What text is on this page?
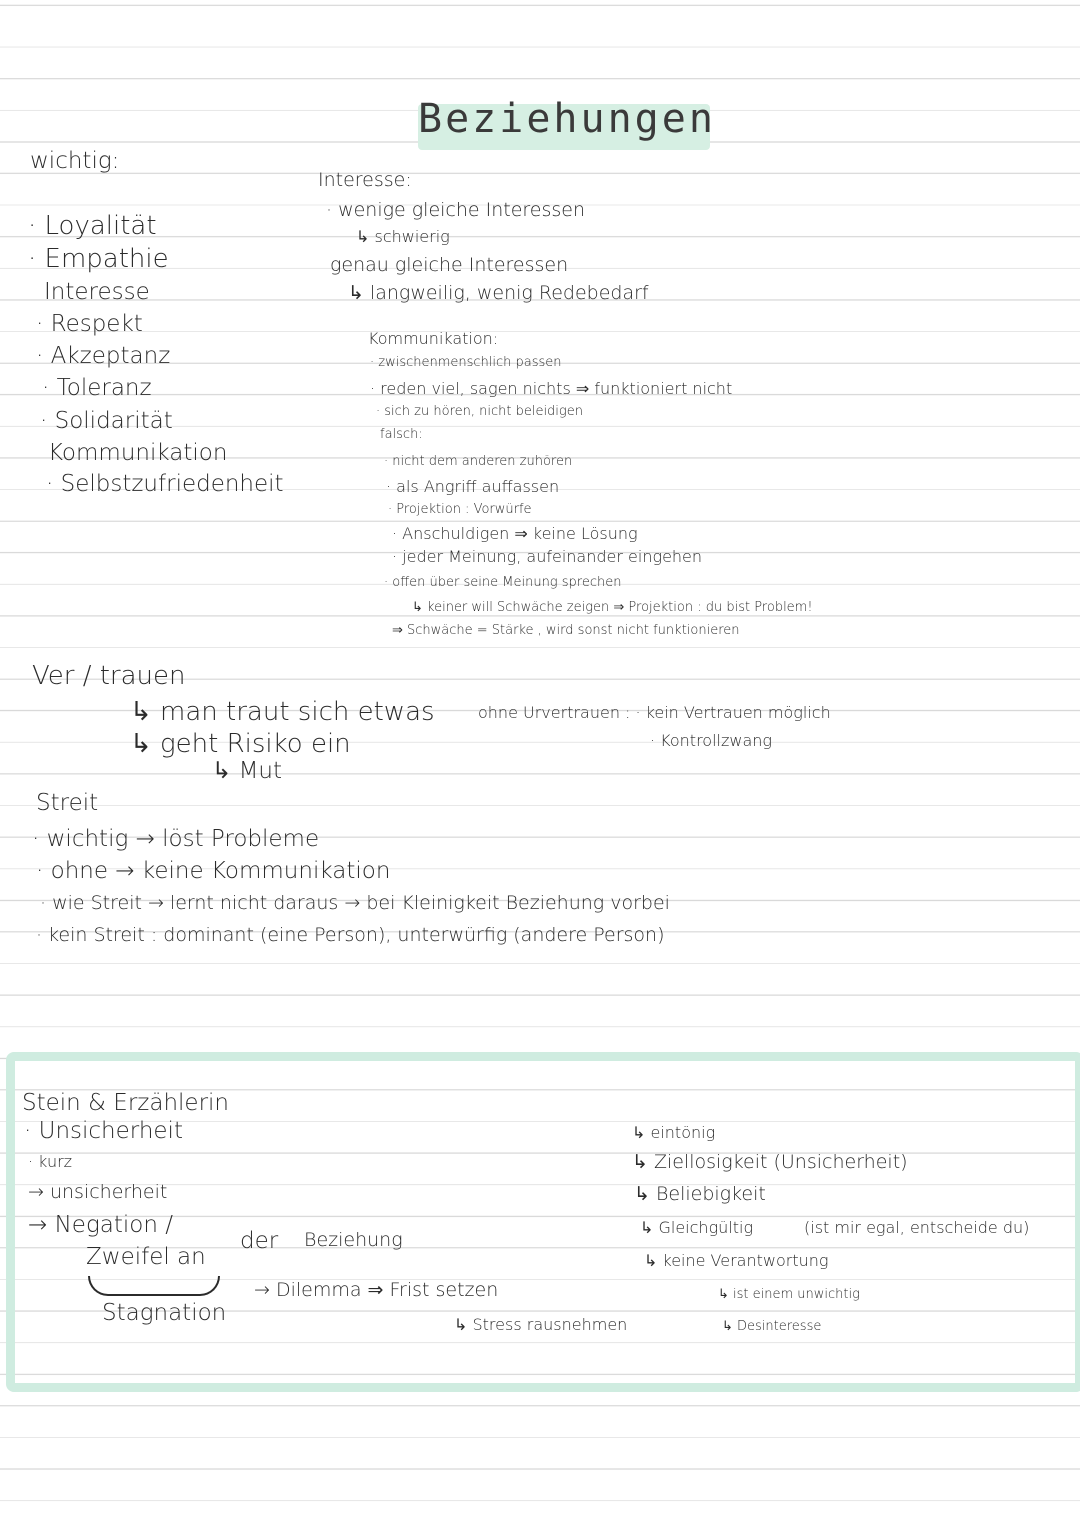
Beziehungen
wichtig:
· Loyalität
· Empathie
Interesse
· Respekt
· Akzeptanz
· Toleranz
· Solidarität
Kommunikation
· Selbstzufriedenheit
Interesse:
· wenige gleiche Interessen
↳ schwierig
genau gleiche Interessen
↳ langweilig, wenig Redebedarf
Kommunikation:
· zwischenmenschlich passen
· reden viel, sagen nichts ⇒ funktioniert nicht
· sich zu hören, nicht beleidigen
falsch:
· nicht dem anderen zuhören
· als Angriff auffassen
· Projektion : Vorwürfe
· Anschuldigen ⇒ keine Lösung
· jeder Meinung, aufeinander eingehen
· offen über seine Meinung sprechen
↳ keiner will Schwäche zeigen ⇒ Projektion : du bist Problem!
⇒ Schwäche = Stärke , wird sonst nicht funktionieren
Ver / trauen
↳ man traut sich etwas
↳ geht Risiko ein
↳ Mut
ohne Urvertrauen : · kein Vertrauen möglich
· Kontrollzwang
Streit
· wichtig → löst Probleme
· ohne → keine Kommunikation
· wie Streit → lernt nicht daraus → bei Kleinigkeit Beziehung vorbei
· kein Streit : dominant (eine Person), unterwürfig (andere Person)
Stein & Erzählerin
· Unsicherheit
· kurz
→ unsicherheit
→ Negation /
Zweifel an
Stagnation
der Beziehung
→ Dilemma ⇒ Frist setzen
↳ Stress rausnehmen
↳ eintönig
↳ Ziellosigkeit (Unsicherheit)
↳ Beliebigkeit
↳ Gleichgültig	(ist mir egal, entscheide du)
↳ keine Verantwortung
↳ ist einem unwichtig
↳ Desinteresse
